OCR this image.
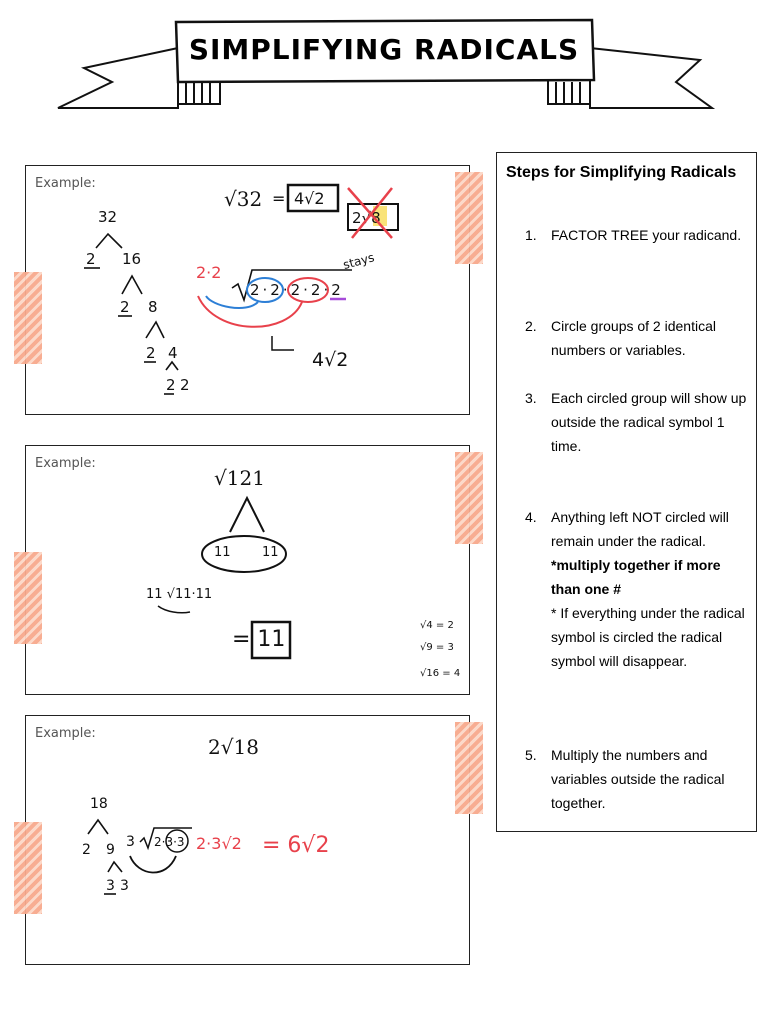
SIMPLIFYING RADICALS
Example:
32
2 16
2 8
2 4
2 2
√32 = 4√2
2√8
2·2
2·2·2·2·2
stays
4√2
Example:
√121
11 11
11 √11·11
= 11
√4 = 2
√9 = 3
√16 = 4
Example:
2√18
18
2 9
3 3
3 2·3·3 2·3√2 = 6√2
Steps for Simplifying Radicals
1. FACTOR TREE your radicand.
2. Circle groups of 2 identical numbers or variables.
3. Each circled group will show up outside the radical symbol 1 time.
4. Anything left NOT circled will remain under the radical.
*multiply together if more than one #
* If everything under the radical symbol is circled the radical symbol will disappear.
5. Multiply the numbers and variables outside the radical together.
